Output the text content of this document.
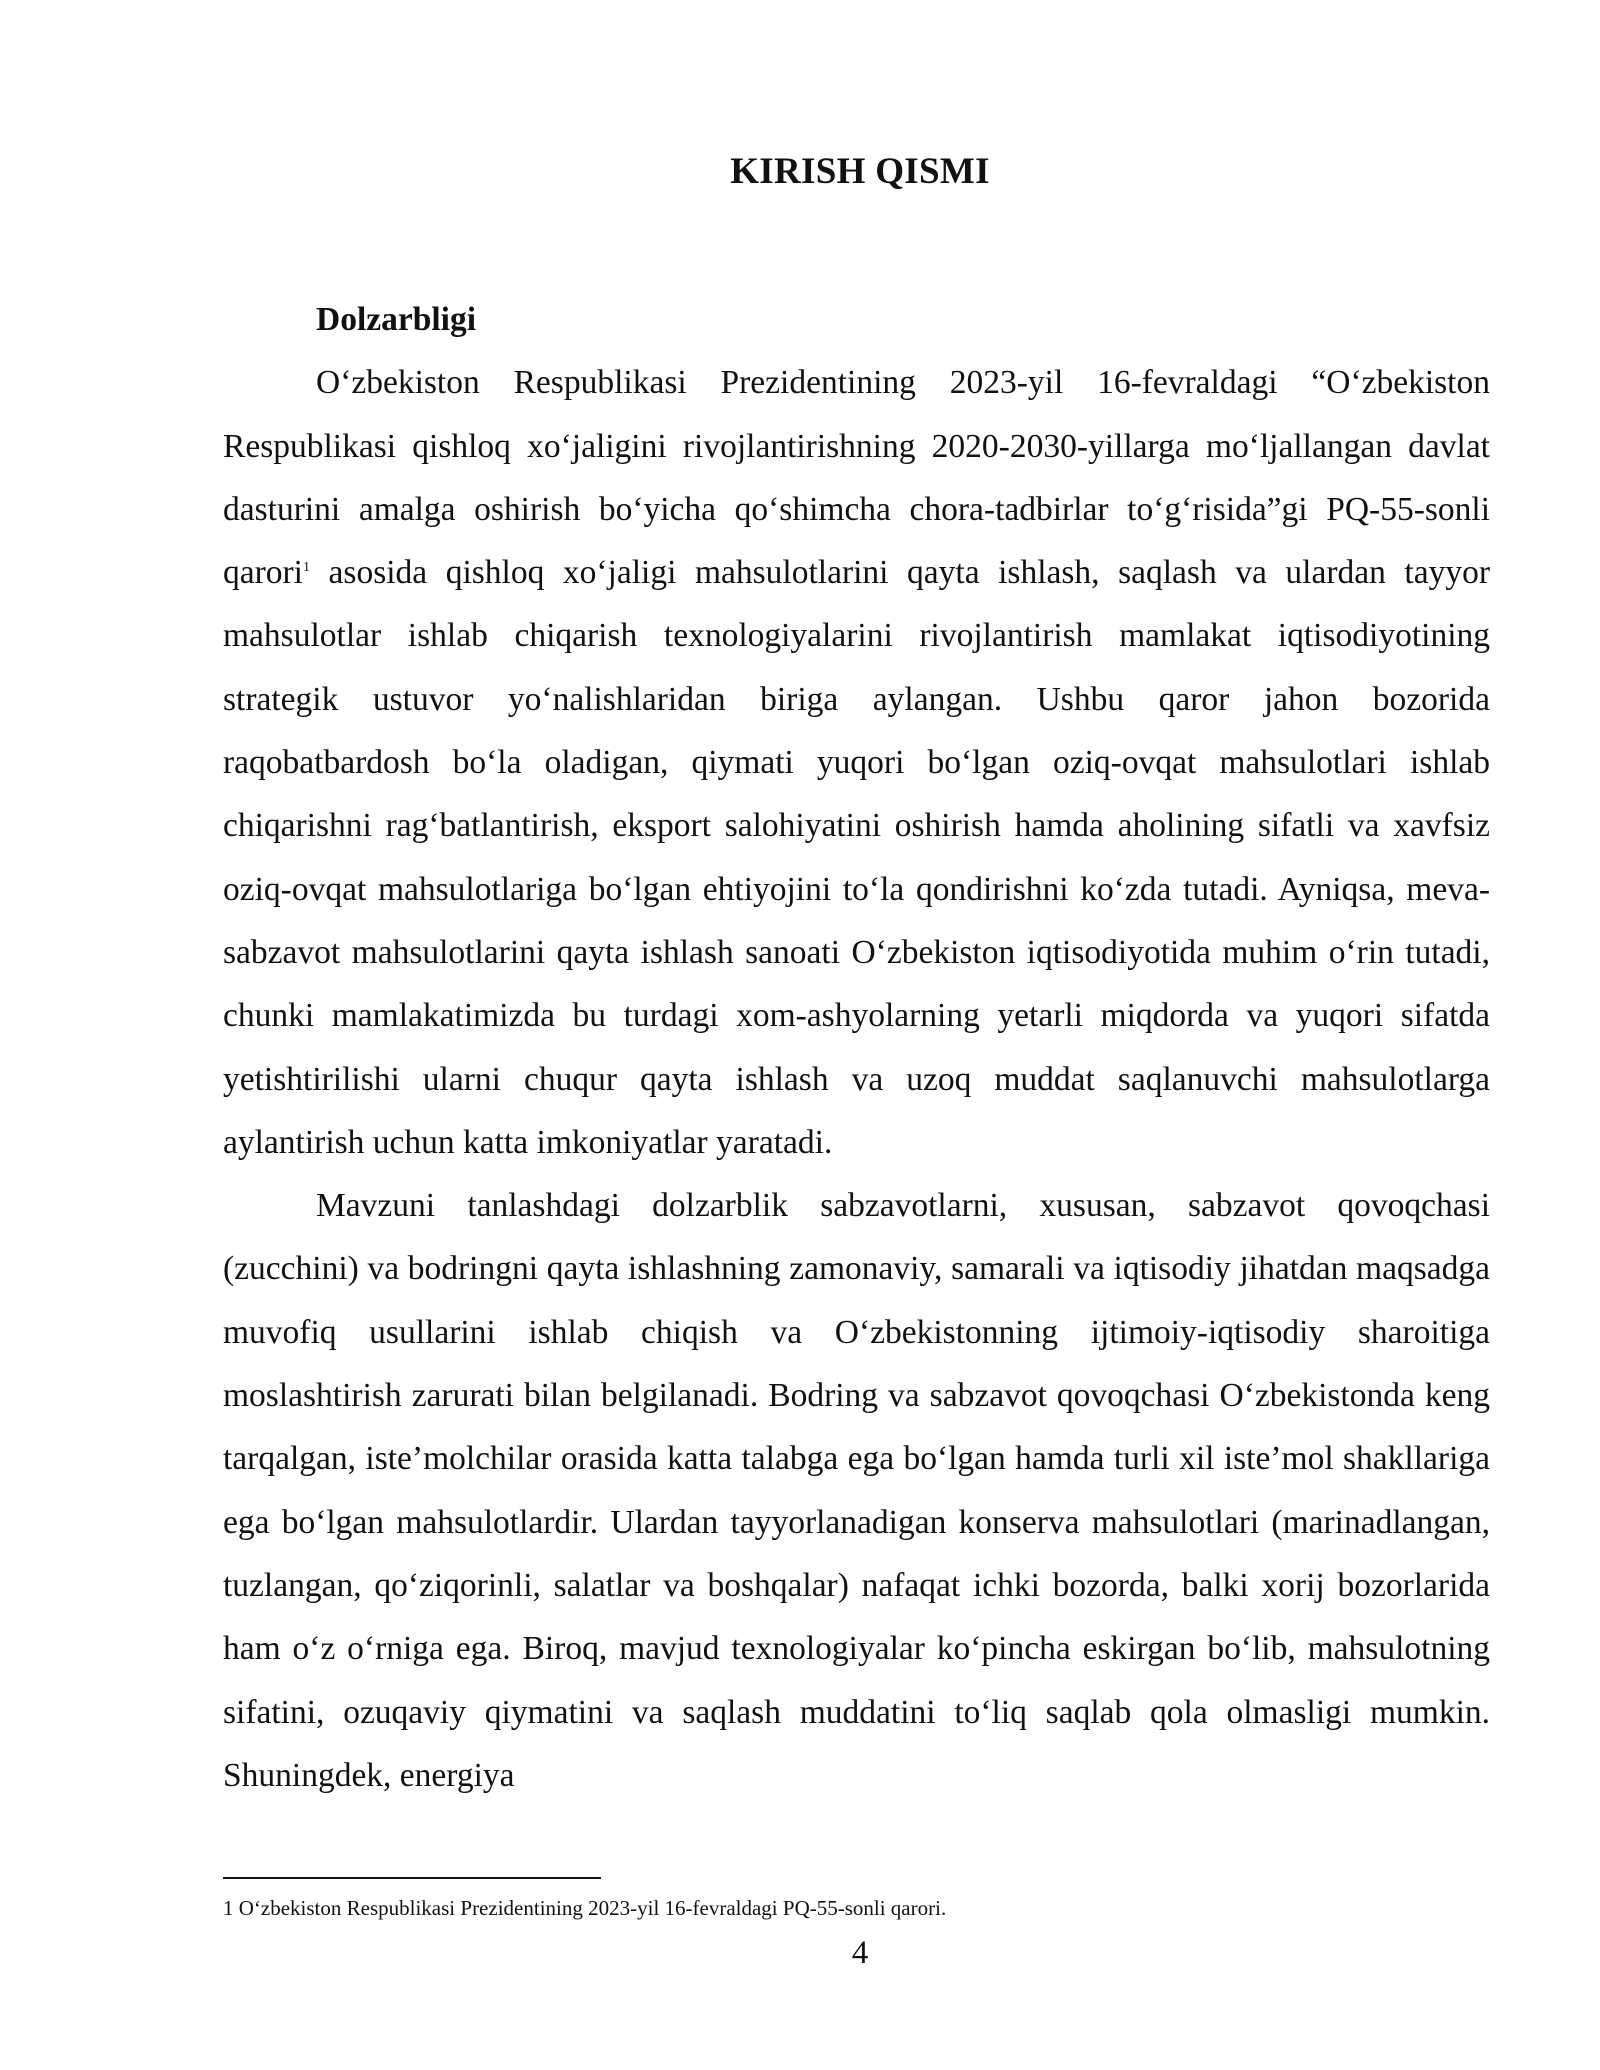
KIRISH QISMI

Dolzarbligi

O‘zbekiston Respublikasi Prezidentining 2023-yil 16-fevraldagi “O‘zbekiston Respublikasi qishloq xo‘jaligini rivojlantirishning 2020-2030-yillarga mo‘ljallangan davlat dasturini amalga oshirish bo‘yicha qo‘shimcha chora-tadbirlar to‘g‘risida”gi PQ-55-sonli qarori$^1$ asosida qishloq xo‘jaligi mahsulotlarini qayta ishlash, saqlash va ulardan tayyor mahsulotlar ishlab chiqarish texnologiyalarini rivojlantirish mamlakat iqtisodiyotining strategik ustuvor yo‘nalishlaridan biriga aylangan. Ushbu qaror jahon bozorida raqobatbardosh bo‘la oladigan, qiymati yuqori bo‘lgan oziq-ovqat mahsulotlari ishlab chiqarishni rag‘batlantirish, eksport salohiyatini oshirish hamda aholining sifatli va xavfsiz oziq-ovqat mahsulotlariga bo‘lgan ehtiyojini to‘la qondirishni ko‘zda tutadi. Ayniqsa, meva-sabzavot mahsulotlarini qayta ishlash sanoati O‘zbekiston iqtisodiyotida muhim o‘rin tutadi, chunki mamlakatimizda bu turdagi xom-ashyolarning yetarli miqdorda va yuqori sifatda yetishtirilishi ularni chuqur qayta ishlash va uzoq muddat saqlanuvchi mahsulotlarga aylantirish uchun katta imkoniyatlar yaratadi.

Mavzuni tanlashdagi dolzarblik sabzavotlarni, xususan, sabzavot qovoqchasi (zucchini) va bodringni qayta ishlashning zamonaviy, samarali va iqtisodiy jihatdan maqsadga muvofiq usullarini ishlab chiqish va O‘zbekistonning ijtimoiy-iqtisodiy sharoitiga moslashtirish zarurati bilan belgilanadi. Bodring va sabzavot qovoqchasi O‘zbekistonda keng tarqalgan, iste’molchilar orasida katta talabga ega bo‘lgan hamda turli xil iste’mol shakllariga ega bo‘lgan mahsulotlardir. Ulardan tayyorlanadigan konserva mahsulotlari (marinadlangan, tuzlangan, qo‘ziqorinli, salatlar va boshqalar) nafaqat ichki bozorda, balki xorij bozorlarida ham o‘z o‘rniga ega. Biroq, mavjud texnologiyalar ko‘pincha eskirgan bo‘lib, mahsulotning sifatini, ozuqaviy qiymatini va saqlash muddatini to‘liq saqlab qola olmasligi mumkin. Shuningdek, energiya

1 O‘zbekiston Respublikasi Prezidentining 2023-yil 16-fevraldagi PQ-55-sonli qarori.
4
